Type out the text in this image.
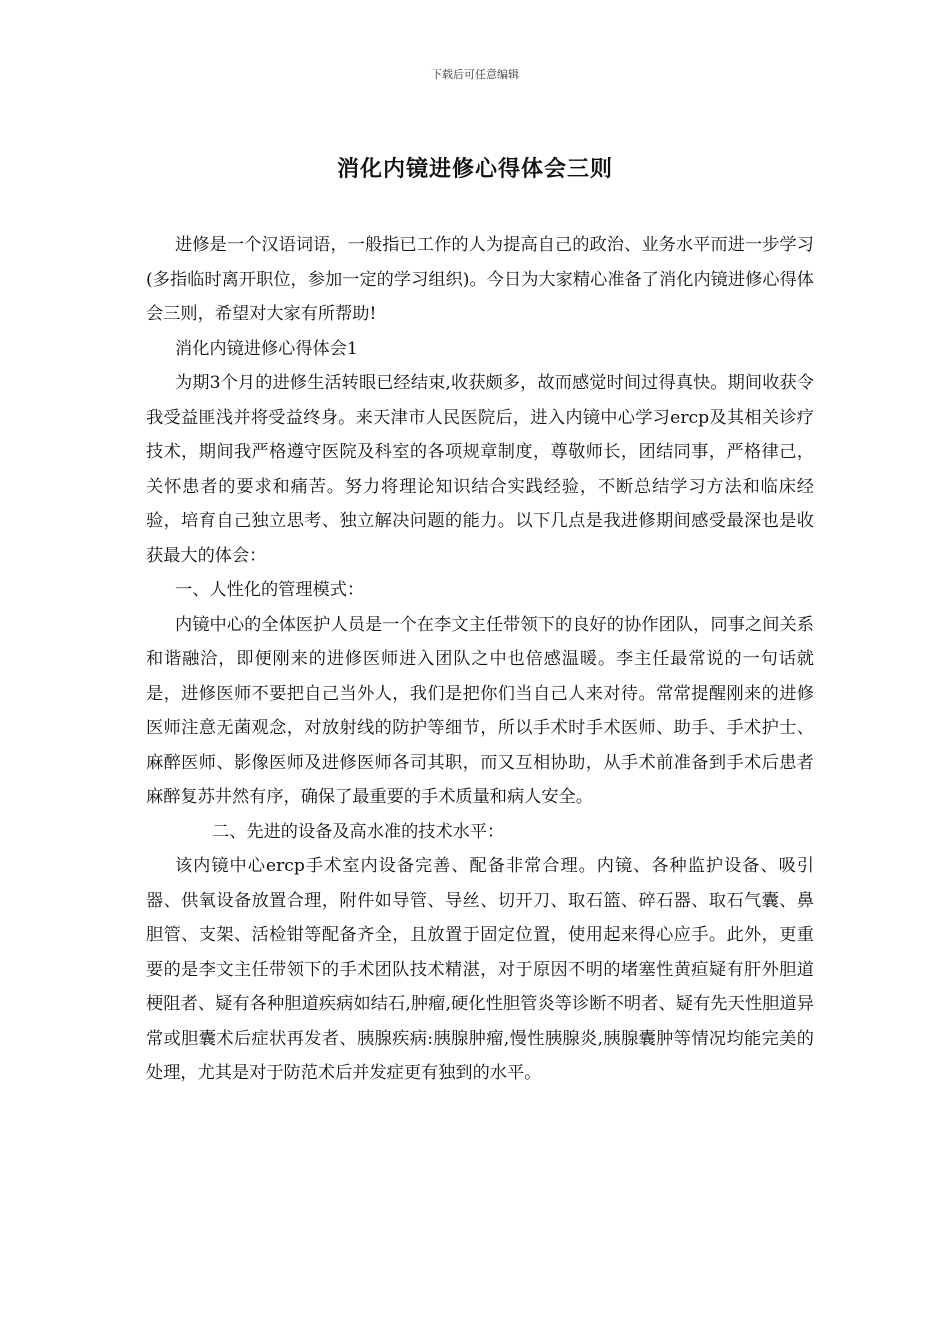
下载后可任意编辑
消化内镜进修心得体会三则

进修是一个汉语词语，一般指已工作的人为提高自己的政治、业务水平而进一步学习(多指临时离开职位，参加一定的学习组织)。今日为大家精心准备了消化内镜进修心得体会三则，希望对大家有所帮助!

消化内镜进修心得体会1

为期3个月的进修生活转眼已经结束,收获颇多，故而感觉时间过得真快。期间收获令我受益匪浅并将受益终身。来天津市人民医院后，进入内镜中心学习ercp及其相关诊疗技术，期间我严格遵守医院及科室的各项规章制度，尊敬师长，团结同事，严格律己，关怀患者的要求和痛苦。努力将理论知识结合实践经验，不断总结学习方法和临床经验，培育自己独立思考、独立解决问题的能力。以下几点是我进修期间感受最深也是收获最大的体会：

一、人性化的管理模式：

内镜中心的全体医护人员是一个在李文主任带领下的良好的协作团队，同事之间关系和谐融洽，即便刚来的进修医师进入团队之中也倍感温暖。李主任最常说的一句话就是，进修医师不要把自己当外人，我们是把你们当自己人来对待。常常提醒刚来的进修医师注意无菌观念，对放射线的防护等细节，所以手术时手术医师、助手、手术护士、麻醉医师、影像医师及进修医师各司其职，而又互相协助，从手术前准备到手术后患者麻醉复苏井然有序，确保了最重要的手术质量和病人安全。

二、先进的设备及高水准的技术水平：

该内镜中心ercp手术室内设备完善、配备非常合理。内镜、各种监护设备、吸引器、供氧设备放置合理，附件如导管、导丝、切开刀、取石篮、碎石器、取石气囊、鼻胆管、支架、活检钳等配备齐全，且放置于固定位置，使用起来得心应手。此外，更重要的是李文主任带领下的手术团队技术精湛，对于原因不明的堵塞性黄疸疑有肝外胆道梗阻者、疑有各种胆道疾病如结石,肿瘤,硬化性胆管炎等诊断不明者、疑有先天性胆道异常或胆囊术后症状再发者、胰腺疾病:胰腺肿瘤,慢性胰腺炎,胰腺囊肿等情况均能完美的处理，尤其是对于防范术后并发症更有独到的水平。
